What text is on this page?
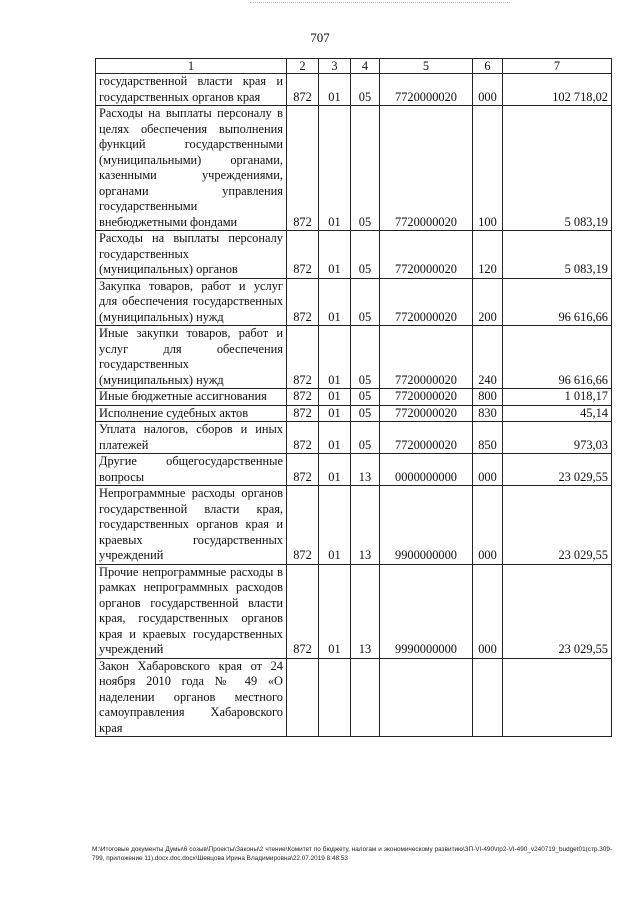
707
1	2	3	4	5	6	7
государственной власти края и государственных органов края	872	01	05	7720000020	000	102 718,02
Расходы на выплаты персоналу в целях обеспечения выполнения функций государственными (муниципальными) органами, казенными учреждениями, органами управления государственными внебюджетными фондами	872	01	05	7720000020	100	5 083,19
Расходы на выплаты персоналу государственных (муниципальных) органов	872	01	05	7720000020	120	5 083,19
Закупка товаров, работ и услуг для обеспечения государственных (муниципальных) нужд	872	01	05	7720000020	200	96 616,66
Иные закупки товаров, работ и услуг для обеспечения государственных (муниципальных) нужд	872	01	05	7720000020	240	96 616,66
Иные бюджетные ассигнования	872	01	05	7720000020	800	1 018,17
Исполнение судебных актов	872	01	05	7720000020	830	45,14
Уплата налогов, сборов и иных платежей	872	01	05	7720000020	850	973,03
Другие общегосударственные вопросы	872	01	13	0000000000	000	23 029,55
Непрограммные расходы органов государственной власти края, государственных органов края и краевых государственных учреждений	872	01	13	9900000000	000	23 029,55
Прочие непрограммные расходы в рамках непрограммных расходов органов государственной власти края, государственных органов края и краевых государственных учреждений	872	01	13	9990000000	000	23 029,55
Закон Хабаровского края от 24 ноября 2010 года № 49 «О наделении органов местного самоуправления Хабаровского края						
M:\Итоговые документы Думы\6 созыв\Проекты\Законы\2 чтение\Комитет по бюджету, налогам и экономическому развитию\ЗП-VI-490\пр2-VI-490_v240719_budget01(стр.309-799, приложение 11).docx.doc.docx\Шевцова Ирина Владимировна\22.07.2019 8:48:53
